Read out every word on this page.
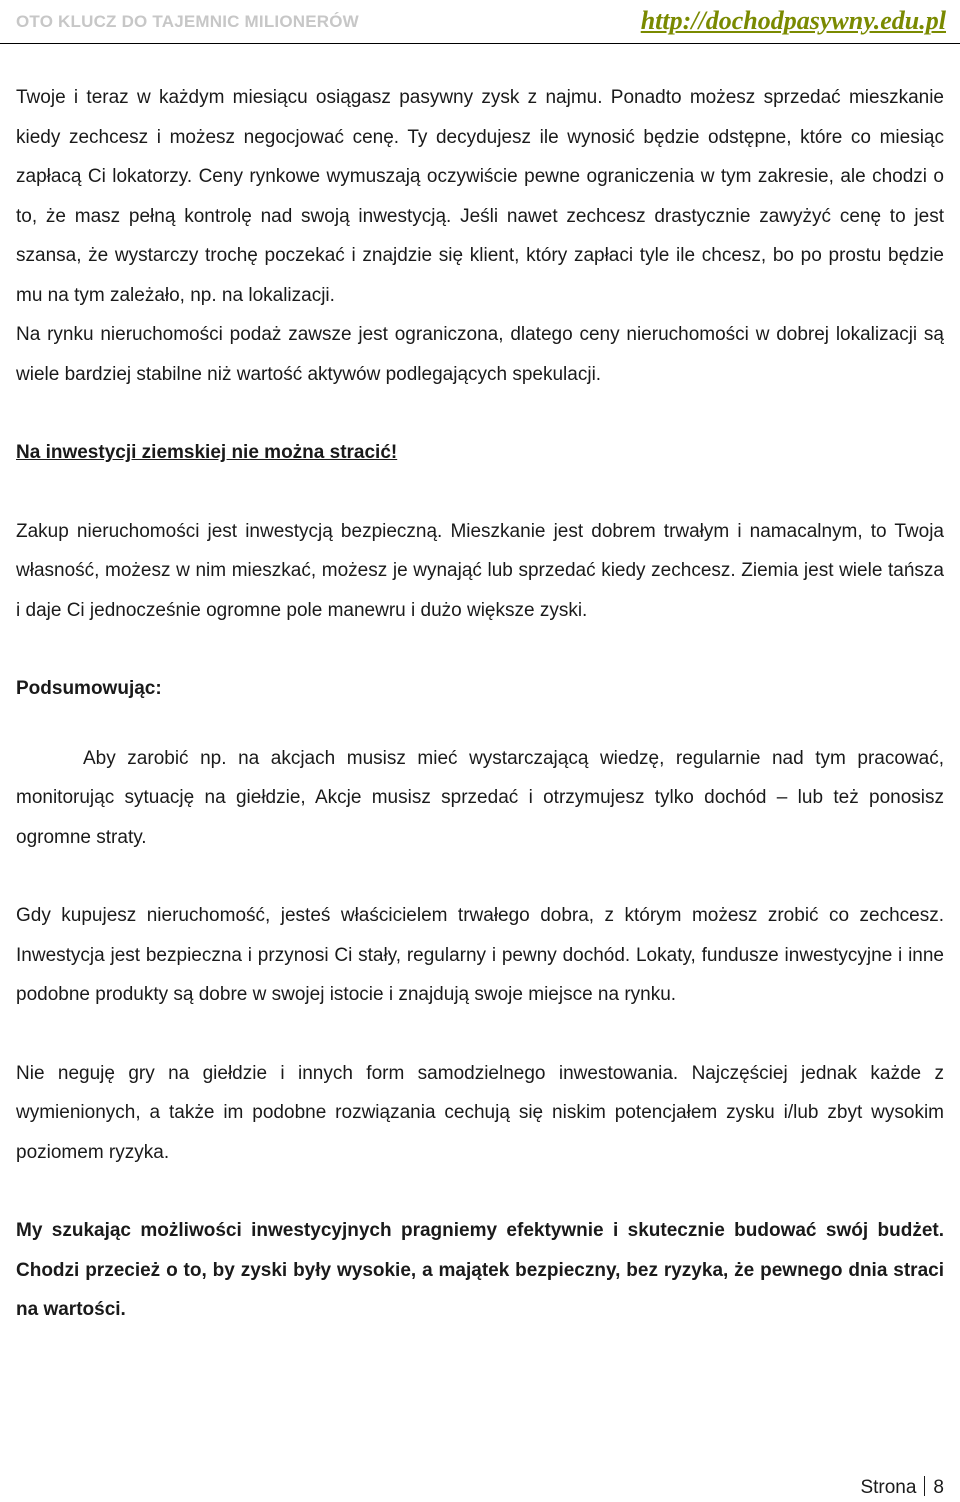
OTO KLUCZ DO TAJEMNIC MILIONERÓW	http://dochodpasywny.edu.pl

Twoje i teraz w każdym miesiącu osiągasz pasywny zysk z najmu. Ponadto możesz sprzedać mieszkanie kiedy zechcesz i możesz negocjować cenę. Ty decydujesz ile wynosić będzie odstępne, które co miesiąc zapłacą Ci lokatorzy. Ceny rynkowe wymuszają oczywiście pewne ograniczenia w tym zakresie, ale chodzi o to, że masz pełną kontrolę nad swoją inwestycją. Jeśli nawet zechcesz drastycznie zawyżyć cenę to jest szansa, że wystarczy trochę poczekać i znajdzie się klient, który zapłaci tyle ile chcesz, bo po prostu będzie mu na tym zależało, np. na lokalizacji.

Na rynku nieruchomości podaż zawsze jest ograniczona, dlatego ceny nieruchomości w dobrej lokalizacji są wiele bardziej stabilne niż wartość aktywów podlegających spekulacji.

Na inwestycji ziemskiej nie można stracić!

Zakup nieruchomości jest inwestycją bezpieczną. Mieszkanie jest dobrem trwałym i namacalnym, to Twoja własność, możesz w nim mieszkać, możesz je wynająć lub sprzedać kiedy zechcesz. Ziemia jest wiele tańsza i daje Ci jednocześnie ogromne pole manewru i dużo większe zyski.

Podsumowując:

Aby zarobić np. na akcjach musisz mieć wystarczającą wiedzę, regularnie nad tym pracować, monitorując sytuację na giełdzie, Akcje musisz sprzedać i otrzymujesz tylko dochód – lub też ponosisz ogromne straty.

Gdy kupujesz nieruchomość, jesteś właścicielem trwałego dobra, z którym możesz zrobić co zechcesz. Inwestycja jest bezpieczna i przynosi Ci stały, regularny i pewny dochód. Lokaty, fundusze inwestycyjne i inne podobne produkty są dobre w swojej istocie i znajdują swoje miejsce na rynku.

Nie neguję gry na giełdzie i innych form samodzielnego inwestowania. Najczęściej jednak każde z wymienionych, a także im podobne rozwiązania cechują się niskim potencjałem zysku i/lub zbyt wysokim poziomem ryzyka.

My szukając możliwości inwestycyjnych pragniemy efektywnie i skutecznie budować swój budżet. Chodzi przecież o to, by zyski były wysokie, a majątek bezpieczny, bez ryzyka, że pewnego dnia straci na wartości.

Strona 8
